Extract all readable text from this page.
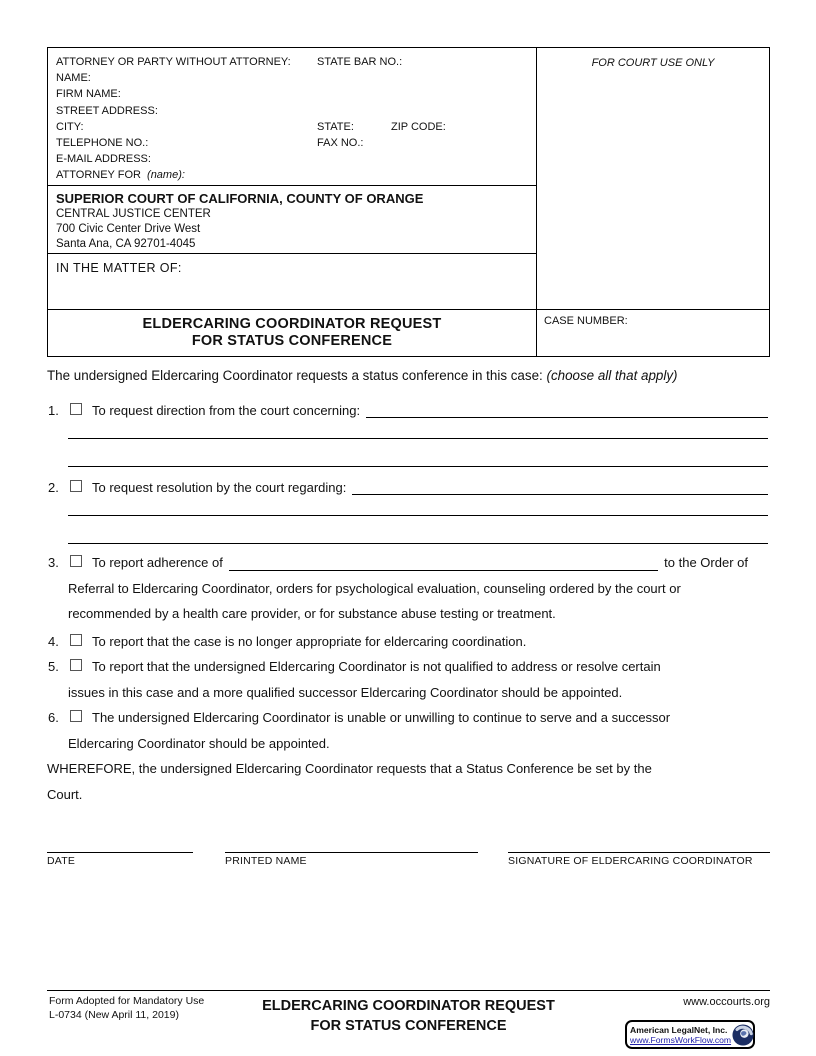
ATTORNEY OR PARTY WITHOUT ATTORNEY: STATE BAR NO.:
NAME:
FIRM NAME:
STREET ADDRESS:
CITY:	STATE:	ZIP CODE:
TELEPHONE NO.:	FAX NO.:
E-MAIL ADDRESS:
ATTORNEY FOR (name):
SUPERIOR COURT OF CALIFORNIA, COUNTY OF ORANGE
CENTRAL JUSTICE CENTER
700 Civic Center Drive West
Santa Ana, CA 92701-4045
IN THE MATTER OF:
ELDERCARING COORDINATOR REQUEST
FOR STATUS CONFERENCE
FOR COURT USE ONLY
CASE NUMBER:
The undersigned Eldercaring Coordinator requests a status conference in this case: (choose all that apply)
1.	To request direction from the court concerning:
2.	To request resolution by the court regarding:
3.	To report adherence of	to the Order of
Referral to Eldercaring Coordinator, orders for psychological evaluation, counseling ordered by the court or
recommended by a health care provider, or for substance abuse testing or treatment.
4.	To report that the case is no longer appropriate for eldercaring coordination.
5.	To report that the undersigned Eldercaring Coordinator is not qualified to address or resolve certain
issues in this case and a more qualified successor Eldercaring Coordinator should be appointed.
6.	The undersigned Eldercaring Coordinator is unable or unwilling to continue to serve and a successor
Eldercaring Coordinator should be appointed.
WHEREFORE, the undersigned Eldercaring Coordinator requests that a Status Conference be set by the
Court.
DATE	PRINTED NAME	SIGNATURE OF ELDERCARING COORDINATOR
Form Adopted for Mandatory Use
L-0734 (New April 11, 2019)
ELDERCARING COORDINATOR REQUEST
FOR STATUS CONFERENCE
www.occourts.org
American LegalNet, Inc.
www.FormsWorkFlow.com
